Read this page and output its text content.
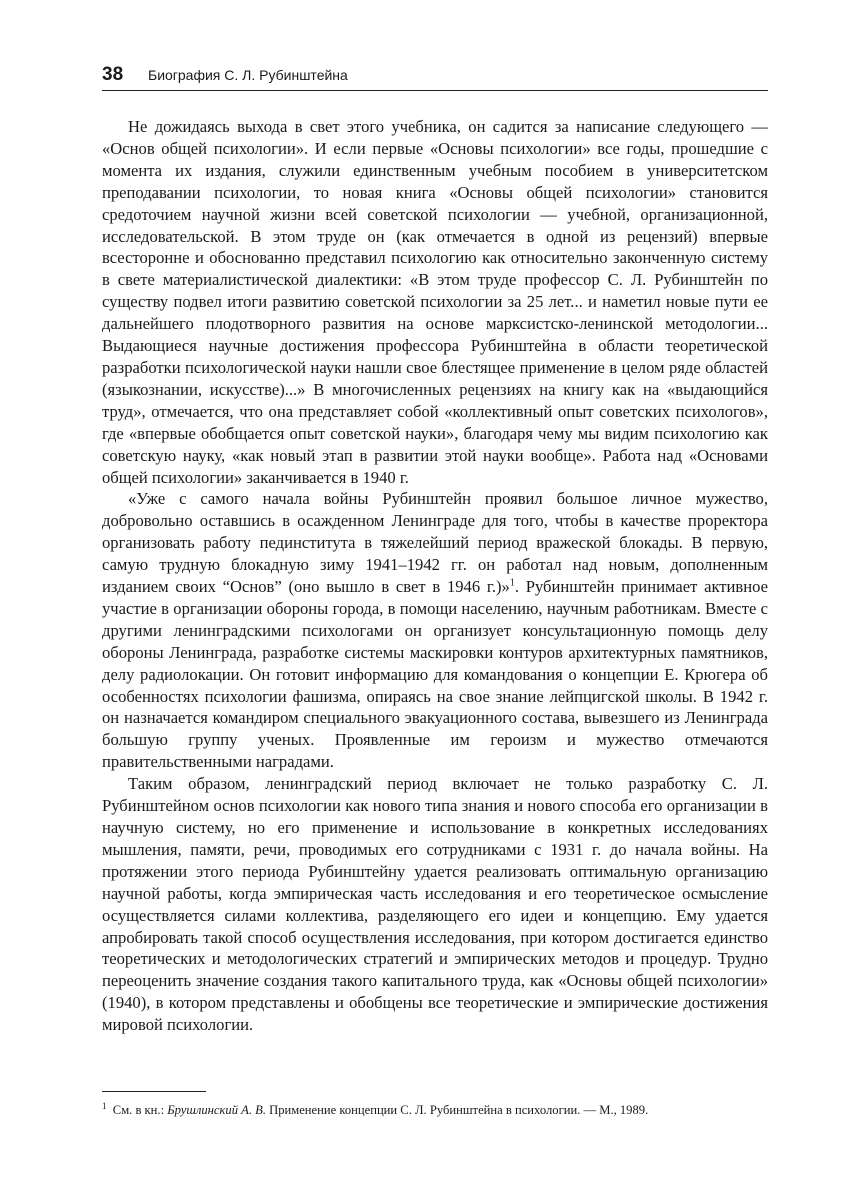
38 Биография С. Л. Рубинштейна

Не дожидаясь выхода в свет этого учебника, он садится за написание следующего — «Основ общей психологии». И если первые «Основы психологии» все годы, прошедшие с момента их издания, служили единственным учебным пособием в университетском преподавании психологии, то новая книга «Основы общей психологии» становится средоточием научной жизни всей советской психологии — учебной, организационной, исследовательской. В этом труде он (как отмечается в одной из рецензий) впервые всесторонне и обоснованно представил психологию как относительно законченную систему в свете материалистической диалектики: «В этом труде профессор С. Л. Рубинштейн по существу подвел итоги развитию советской психологии за 25 лет... и наметил новые пути ее дальнейшего плодотворного развития на основе марксистско-ленинской методологии... Выдающиеся научные достижения профессора Рубинштейна в области теоретической разработки психологической науки нашли свое блестящее применение в целом ряде областей (языкознании, искусстве)...» В многочисленных рецензиях на книгу как на «выдающийся труд», отмечается, что она представляет собой «коллективный опыт советских психологов», где «впервые обобщается опыт советской науки», благодаря чему мы видим психологию как советскую науку, «как новый этап в развитии этой науки вообще». Работа над «Основами общей психологии» заканчивается в 1940 г.

«Уже с самого начала войны Рубинштейн проявил большое личное мужество, добровольно оставшись в осажденном Ленинграде для того, чтобы в качестве проректора организовать работу пединститута в тяжелейший период вражеской блокады. В первую, самую трудную блокадную зиму 1941–1942 гг. он работал над новым, дополненным изданием своих “Основ” (оно вышло в свет в 1946 г.)»$^1$. Рубинштейн принимает активное участие в организации обороны города, в помощи населению, научным работникам. Вместе с другими ленинградскими психологами он организует консультационную помощь делу обороны Ленинграда, разработке системы маскировки контуров архитектурных памятников, делу радиолокации. Он готовит информацию для командования о концепции Е. Крюгера об особенностях психологии фашизма, опираясь на свое знание лейпцигской школы. В 1942 г. он назначается командиром специального эвакуационного состава, вывезшего из Ленинграда большую группу ученых. Проявленные им героизм и мужество отмечаются правительственными наградами.

Таким образом, ленинградский период включает не только разработку С. Л. Рубинштейном основ психологии как нового типа знания и нового способа его организации в научную систему, но его применение и использование в конкретных исследованиях мышления, памяти, речи, проводимых его сотрудниками с 1931 г. до начала войны. На протяжении этого периода Рубинштейну удается реализовать оптимальную организацию научной работы, когда эмпирическая часть исследования и его теоретическое осмысление осуществляется силами коллектива, разделяющего его идеи и концепцию. Ему удается апробировать такой способ осуществления исследования, при котором достигается единство теоретических и методологических стратегий и эмпирических методов и процедур. Трудно переоценить значение создания такого капитального труда, как «Основы общей психологии» (1940), в котором представлены и обобщены все теоретические и эмпирические достижения мировой психологии.

$^1$ См. в кн.: Брушлинский А. В. Применение концепции С. Л. Рубинштейна в психологии. — М., 1989.
